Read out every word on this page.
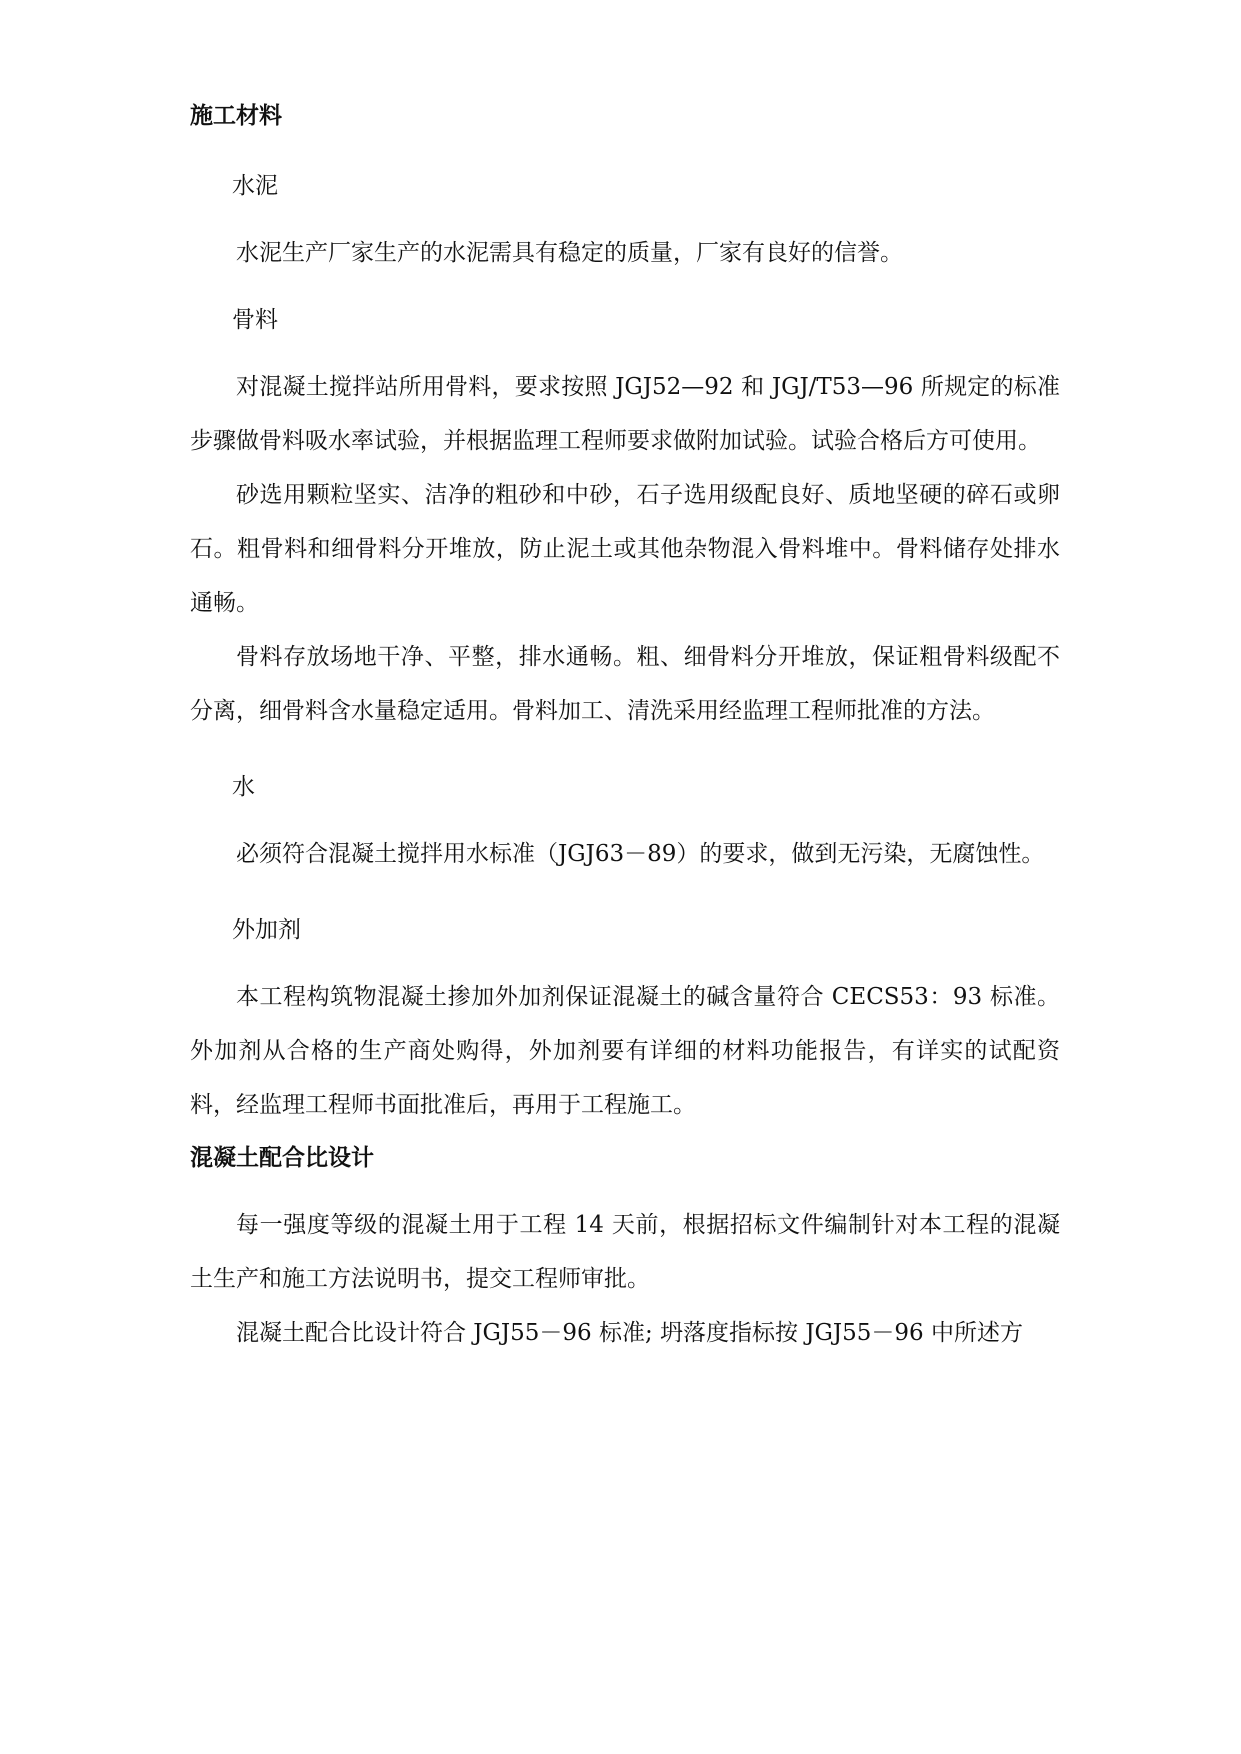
施工材料
水泥
水泥生产厂家生产的水泥需具有稳定的质量，厂家有良好的信誉。
骨料
对混凝土搅拌站所用骨料，要求按照 JGJ52—92 和 JGJ/T53—96 所规定的标准步骤做骨料吸水率试验，并根据监理工程师要求做附加试验。试验合格后方可使用。
砂选用颗粒坚实、洁净的粗砂和中砂，石子选用级配良好、质地坚硬的碎石或卵石。粗骨料和细骨料分开堆放，防止泥土或其他杂物混入骨料堆中。骨料储存处排水通畅。
骨料存放场地干净、平整，排水通畅。粗、细骨料分开堆放，保证粗骨料级配不分离，细骨料含水量稳定适用。骨料加工、清洗采用经监理工程师批准的方法。
水
必须符合混凝土搅拌用水标准（JGJ63－89）的要求，做到无污染，无腐蚀性。
外加剂
本工程构筑物混凝土掺加外加剂保证混凝土的碱含量符合 CECS53：93 标准。外加剂从合格的生产商处购得，外加剂要有详细的材料功能报告，有详实的试配资料，经监理工程师书面批准后，再用于工程施工。
混凝土配合比设计
每一强度等级的混凝土用于工程 14 天前，根据招标文件编制针对本工程的混凝土生产和施工方法说明书，提交工程师审批。
混凝土配合比设计符合 JGJ55－96 标准; 坍落度指标按 JGJ55－96 中所述方
